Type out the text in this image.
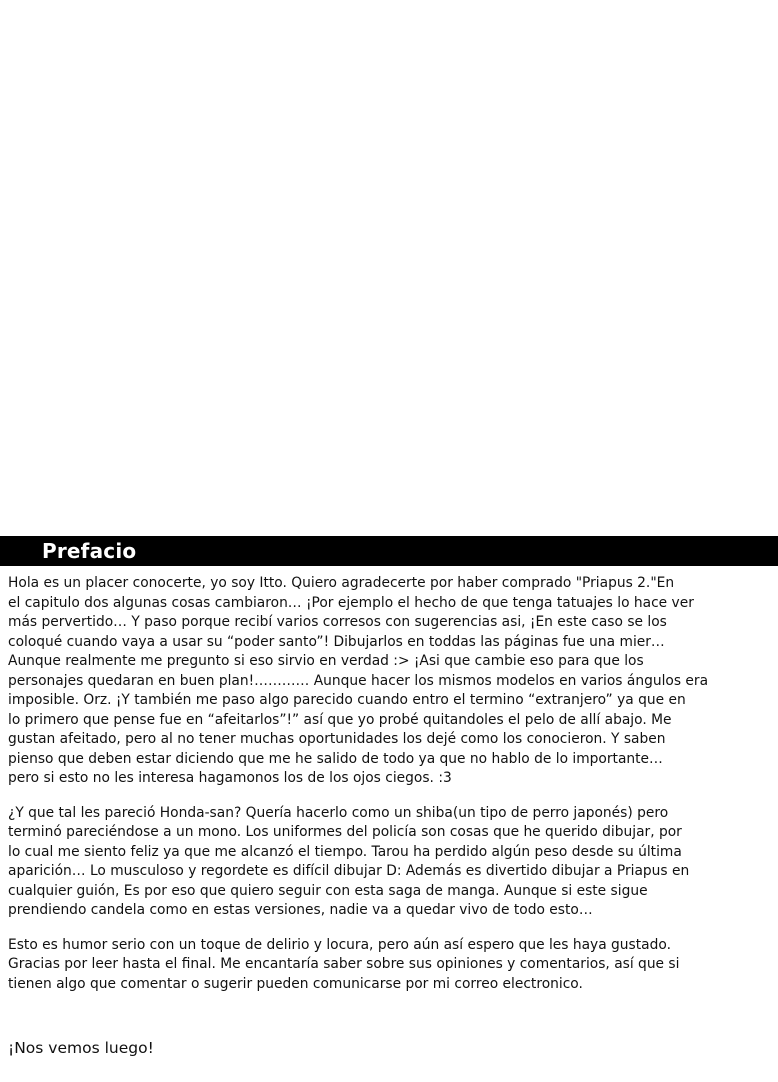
Prefacio

Hola es un placer conocerte, yo soy Itto. Quiero agradecerte por haber comprado "Priapus 2."En
el capitulo dos algunas cosas cambiaron… ¡Por ejemplo el hecho de que tenga tatuajes lo hace ver
más pervertido… Y paso porque recibí varios corresos con sugerencias asi, ¡En este caso se los
coloqué cuando vaya a usar su “poder santo”! Dibujarlos en toddas las páginas fue una mier…
Aunque realmente me pregunto si eso sirvio en verdad :> ¡Asi que cambie eso para que los
personajes quedaran en buen plan!………… Aunque hacer los mismos modelos en varios ángulos era
imposible. Orz. ¡Y también me paso algo parecido cuando entro el termino “extranjero” ya que en
lo primero que pense fue en “afeitarlos”!” así que yo probé quitandoles el pelo de allí abajo. Me
gustan afeitado, pero al no tener muchas oportunidades los dejé como los conocieron. Y saben
pienso que deben estar diciendo que me he salido de todo ya que no hablo de lo importante…
pero si esto no les interesa hagamonos los de los ojos ciegos. :3

¿Y que tal les pareció Honda-san? Quería hacerlo como un shiba(un tipo de perro japonés) pero
terminó pareciéndose a un mono. Los uniformes del policía son cosas que he querido dibujar, por
lo cual me siento feliz ya que me alcanzó el tiempo. Tarou ha perdido algún peso desde su última
aparición… Lo musculoso y regordete es difícil dibujar D: Además es divertido dibujar a Priapus en
cualquier guión, Es por eso que quiero seguir con esta saga de manga. Aunque si este sigue
prendiendo candela como en estas versiones, nadie va a quedar vivo de todo esto…

Esto es humor serio con un toque de delirio y locura, pero aún así espero que les haya gustado.
Gracias por leer hasta el final. Me encantaría saber sobre sus opiniones y comentarios, así que si
tienen algo que comentar o sugerir pueden comunicarse por mi correo electronico.

¡Nos vemos luego!
